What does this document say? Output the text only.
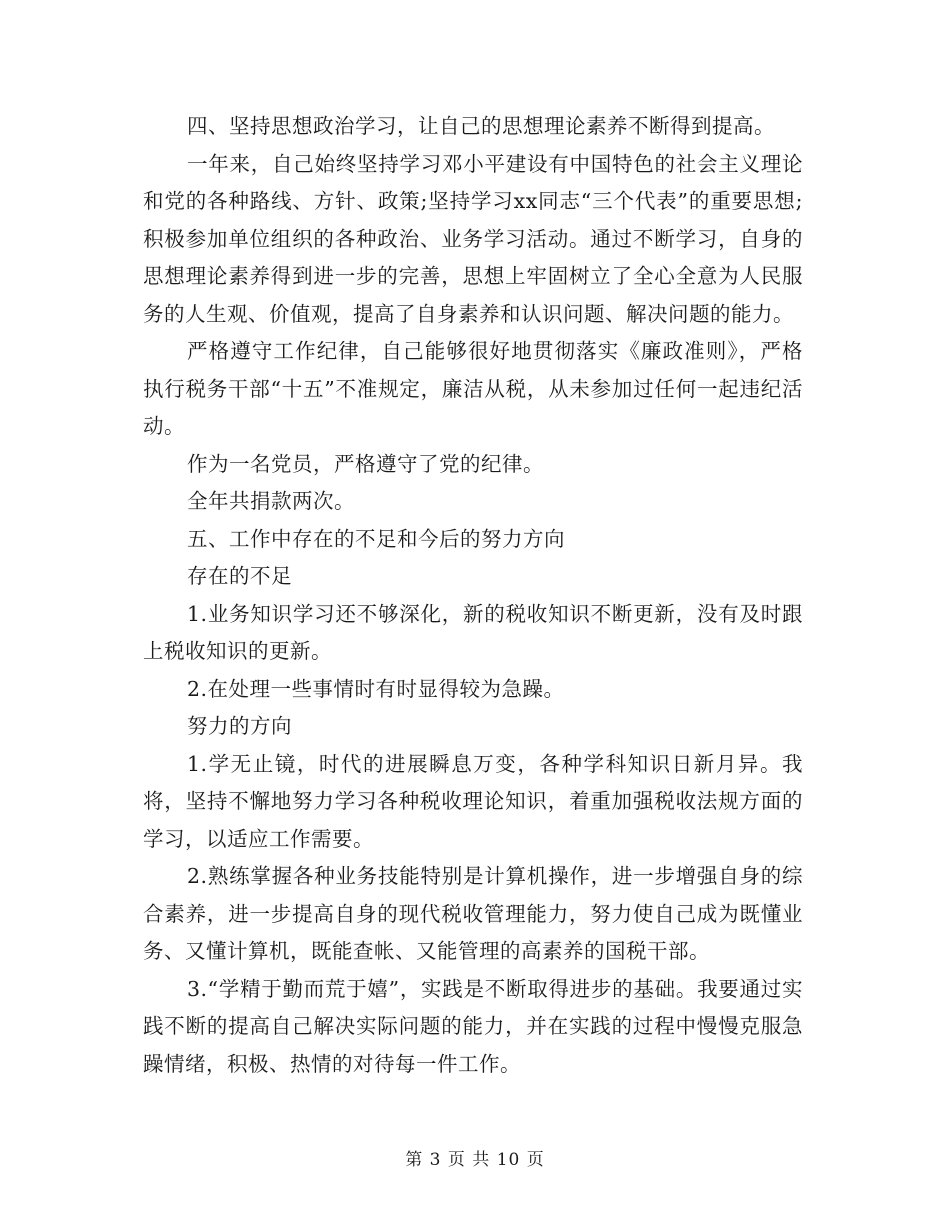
四、坚持思想政治学习，让自己的思想理论素养不断得到提高。

一年来，自己始终坚持学习邓小平建设有中国特色的社会主义理论和党的各种路线、方针、政策;坚持学习xx同志“三个代表”的重要思想;积极参加单位组织的各种政治、业务学习活动。通过不断学习，自身的思想理论素养得到进一步的完善，思想上牢固树立了全心全意为人民服务的人生观、价值观，提高了自身素养和认识问题、解决问题的能力。

严格遵守工作纪律，自己能够很好地贯彻落实《廉政准则》，严格执行税务干部“十五”不准规定，廉洁从税，从未参加过任何一起违纪活动。

作为一名党员，严格遵守了党的纪律。

全年共捐款两次。

五、工作中存在的不足和今后的努力方向

存在的不足

1.业务知识学习还不够深化，新的税收知识不断更新，没有及时跟上税收知识的更新。

2.在处理一些事情时有时显得较为急躁。

努力的方向

1.学无止镜，时代的进展瞬息万变，各种学科知识日新月异。我将，坚持不懈地努力学习各种税收理论知识，着重加强税收法规方面的学习，以适应工作需要。

2.熟练掌握各种业务技能特别是计算机操作，进一步增强自身的综合素养，进一步提高自身的现代税收管理能力，努力使自己成为既懂业务、又懂计算机，既能查帐、又能管理的高素养的国税干部。

3.“学精于勤而荒于嬉”，实践是不断取得进步的基础。我要通过实践不断的提高自己解决实际问题的能力，并在实践的过程中慢慢克服急躁情绪，积极、热情的对待每一件工作。

第 3 页 共 10 页
